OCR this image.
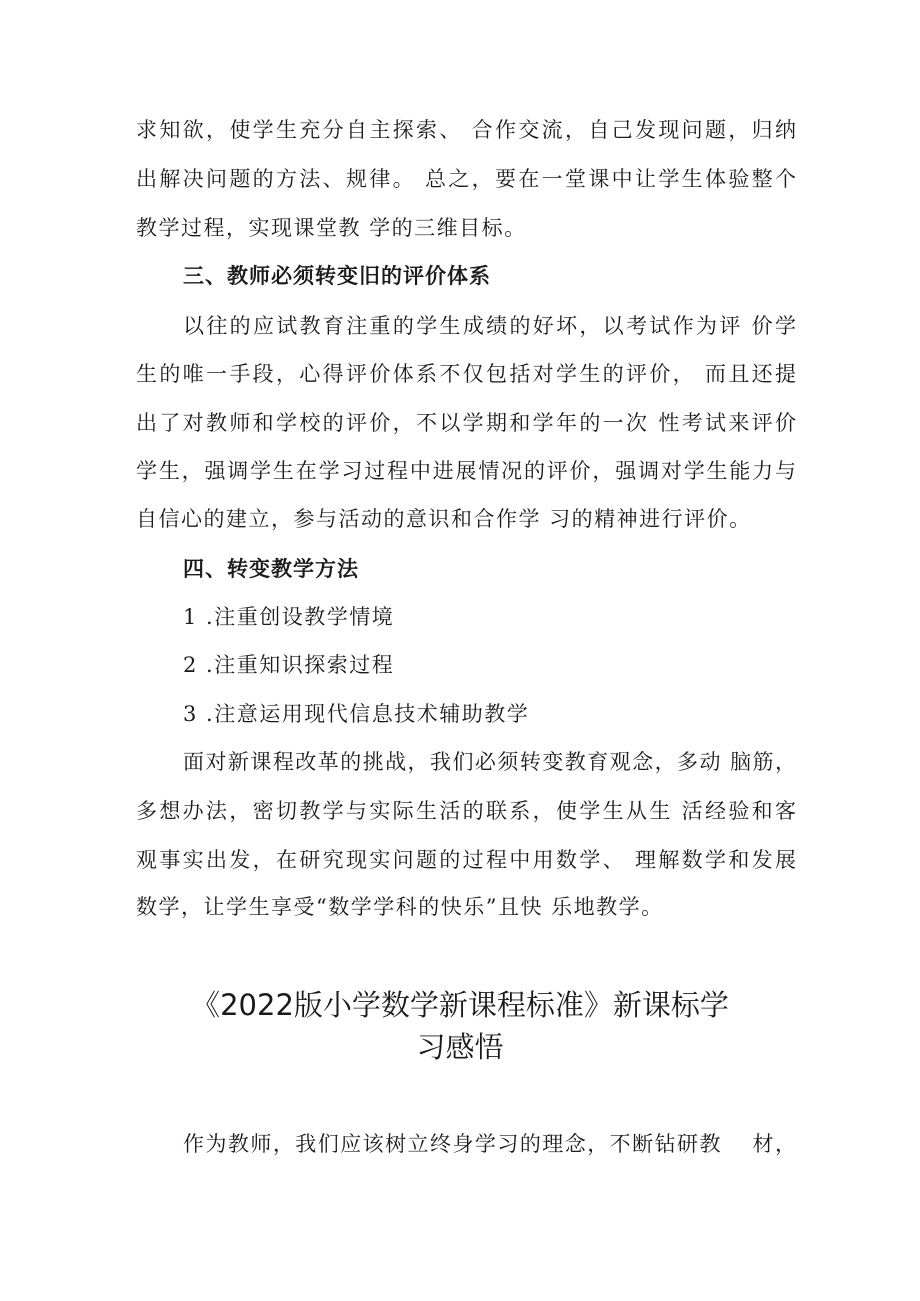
求知欲，使学生充分自主探索、 合作交流，自己发现问题，归纳
出解决问题的方法、规律。 总之，要在一堂课中让学生体验整个
教学过程，实现课堂教 学的三维目标。
三、教师必须转变旧的评价体系
以往的应试教育注重的学生成绩的好坏，以考试作为评 价学
生的唯一手段，心得评价体系不仅包括对学生的评价， 而且还提
出了对教师和学校的评价，不以学期和学年的一次 性考试来评价
学生，强调学生在学习过程中进展情况的评价，强调对学生能力与
自信心的建立，参与活动的意识和合作学 习的精神进行评价。
四、转变教学方法
1 .注重创设教学情境
2 .注重知识探索过程
3 .注意运用现代信息技术辅助教学
面对新课程改革的挑战，我们必须转变教育观念，多动 脑筋，
多想办法，密切教学与实际生活的联系，使学生从生 活经验和客
观事实出发，在研究现实问题的过程中用数学、 理解数学和发展
数学，让学生享受“数学学科的快乐”且快 乐地教学。
《2022版小学数学新课程标准》新课标学
习感悟
作为教师，我们应该树立终身学习的理念，不断钻研教　 材，
